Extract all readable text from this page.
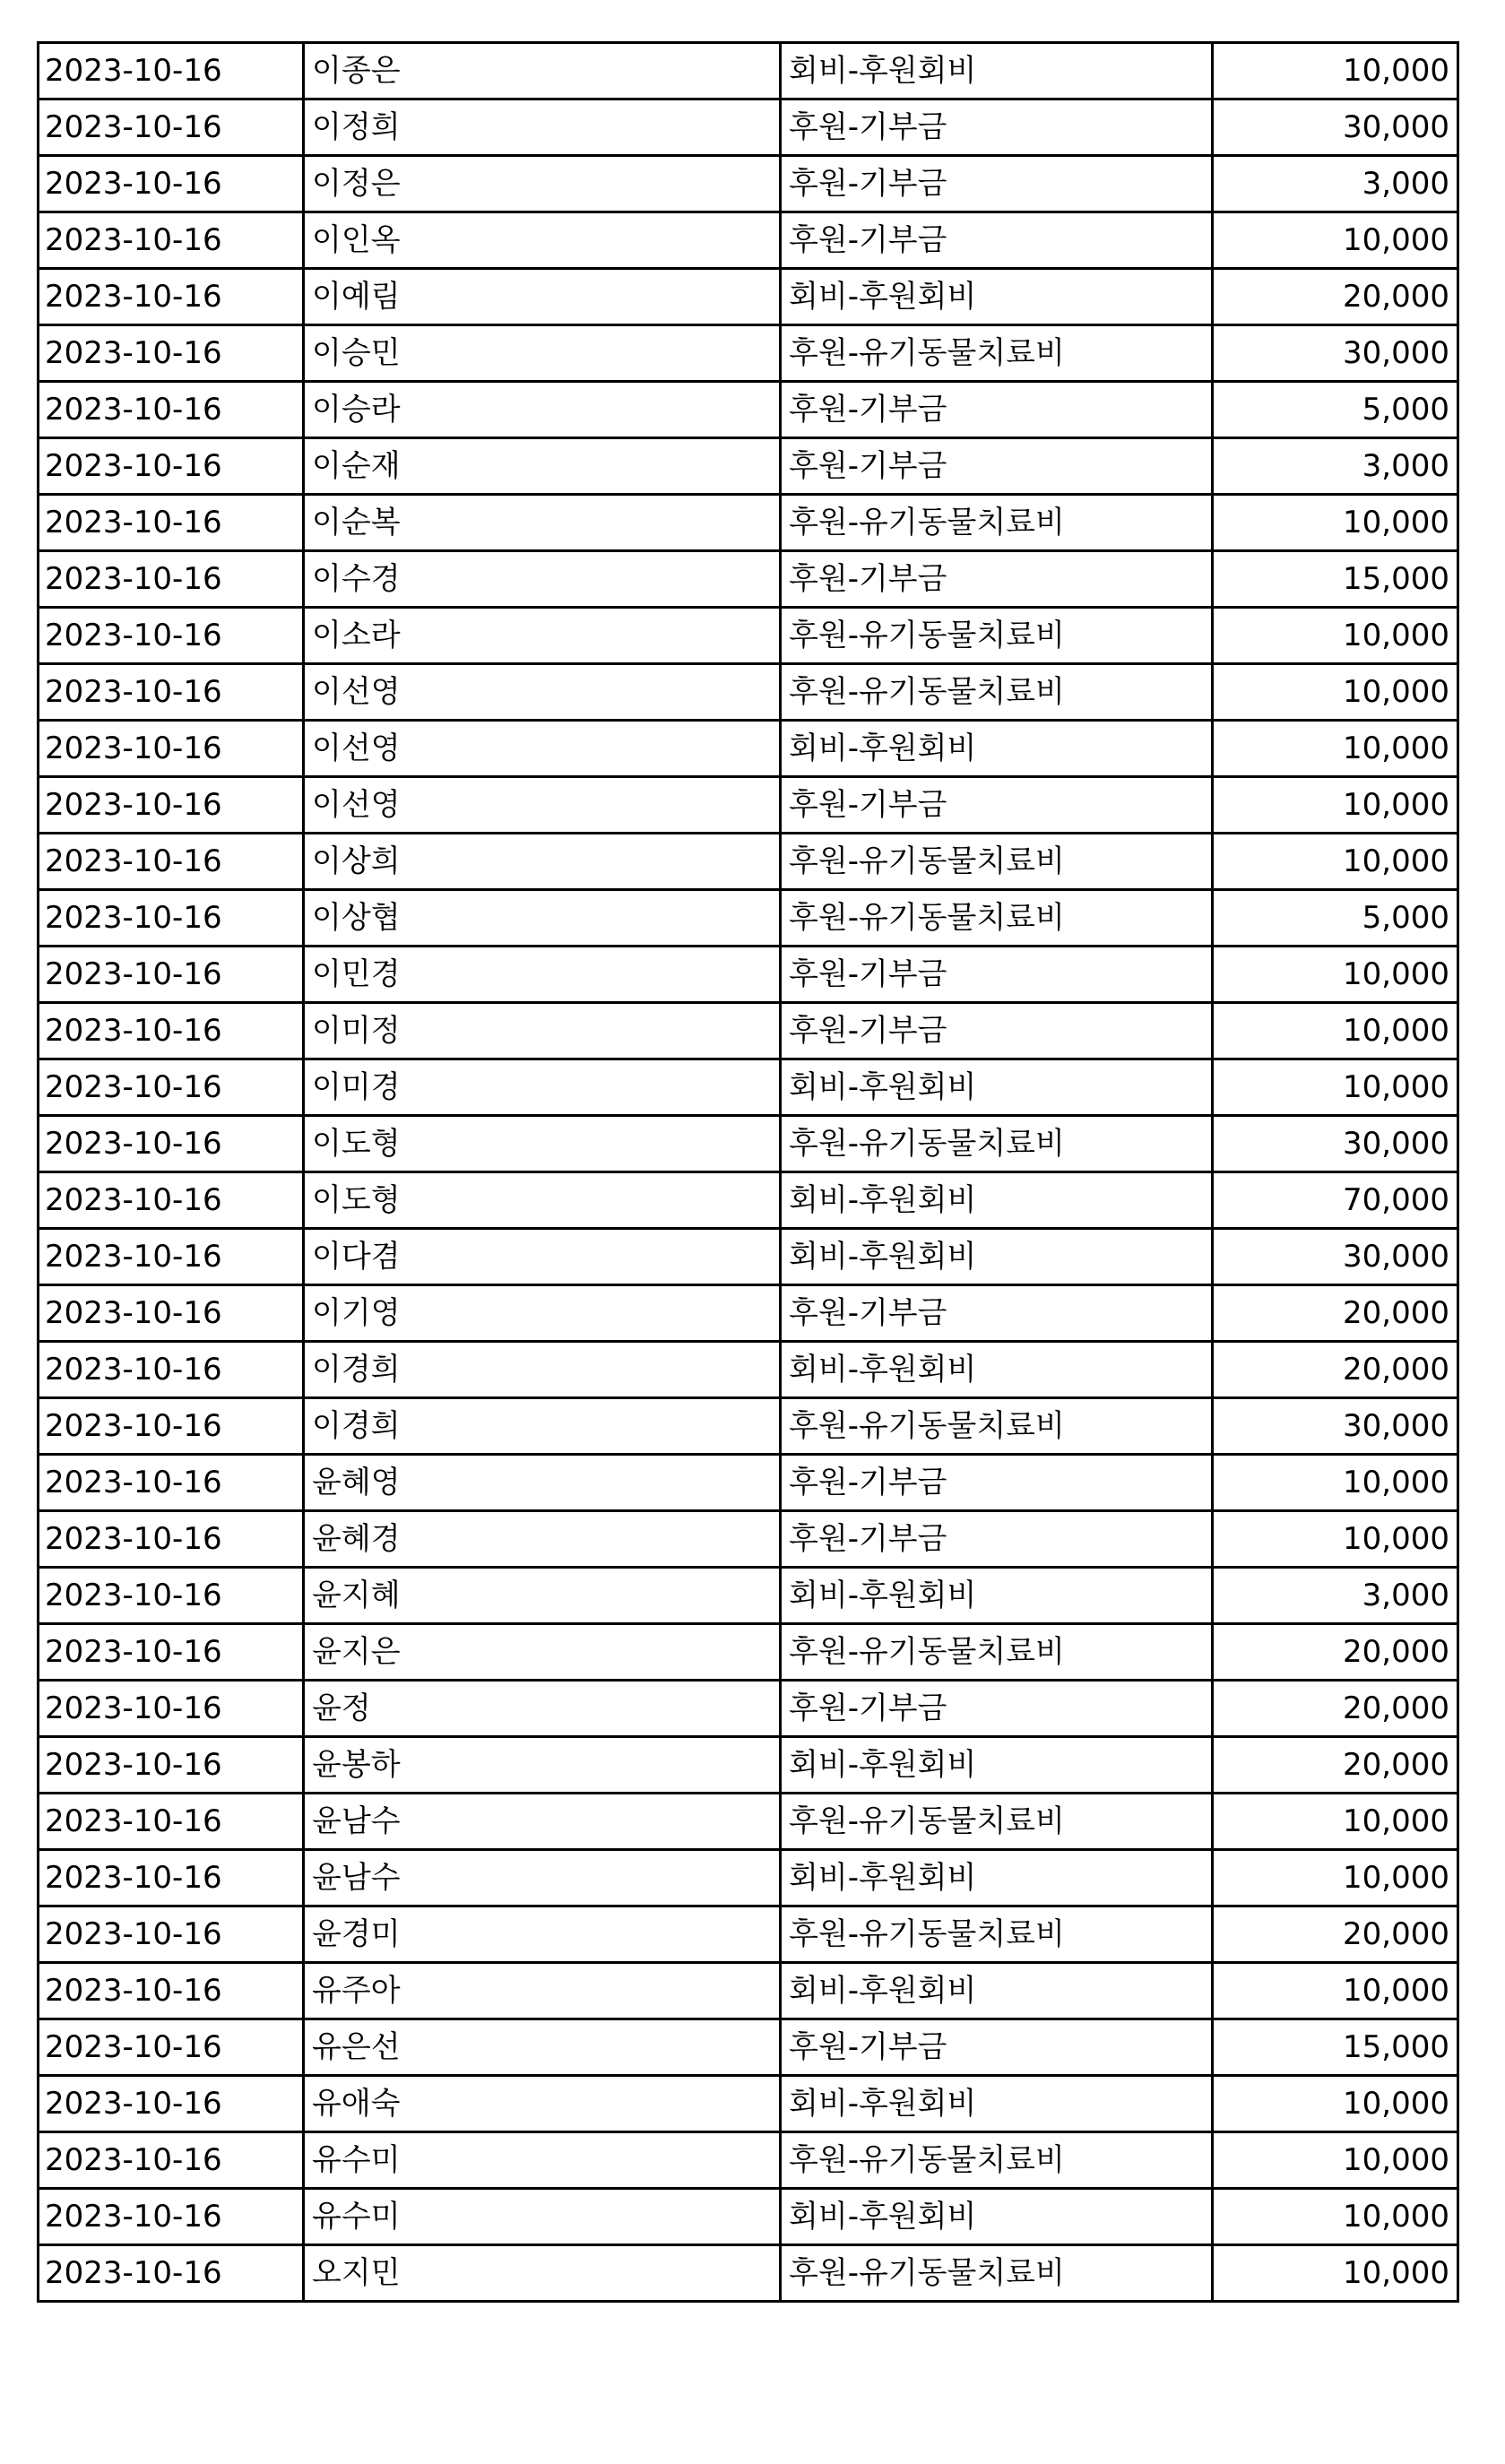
2023-10-16	이종은	회비-후원회비	10,000
2023-10-16	이정희	후원-기부금	30,000
2023-10-16	이정은	후원-기부금	3,000
2023-10-16	이인옥	후원-기부금	10,000
2023-10-16	이예림	회비-후원회비	20,000
2023-10-16	이승민	후원-유기동물치료비	30,000
2023-10-16	이승라	후원-기부금	5,000
2023-10-16	이순재	후원-기부금	3,000
2023-10-16	이순복	후원-유기동물치료비	10,000
2023-10-16	이수경	후원-기부금	15,000
2023-10-16	이소라	후원-유기동물치료비	10,000
2023-10-16	이선영	후원-유기동물치료비	10,000
2023-10-16	이선영	회비-후원회비	10,000
2023-10-16	이선영	후원-기부금	10,000
2023-10-16	이상희	후원-유기동물치료비	10,000
2023-10-16	이상협	후원-유기동물치료비	5,000
2023-10-16	이민경	후원-기부금	10,000
2023-10-16	이미정	후원-기부금	10,000
2023-10-16	이미경	회비-후원회비	10,000
2023-10-16	이도형	후원-유기동물치료비	30,000
2023-10-16	이도형	회비-후원회비	70,000
2023-10-16	이다겸	회비-후원회비	30,000
2023-10-16	이기영	후원-기부금	20,000
2023-10-16	이경희	회비-후원회비	20,000
2023-10-16	이경희	후원-유기동물치료비	30,000
2023-10-16	윤혜영	후원-기부금	10,000
2023-10-16	윤혜경	후원-기부금	10,000
2023-10-16	윤지혜	회비-후원회비	3,000
2023-10-16	윤지은	후원-유기동물치료비	20,000
2023-10-16	윤정	후원-기부금	20,000
2023-10-16	윤봉하	회비-후원회비	20,000
2023-10-16	윤남수	후원-유기동물치료비	10,000
2023-10-16	윤남수	회비-후원회비	10,000
2023-10-16	윤경미	후원-유기동물치료비	20,000
2023-10-16	유주아	회비-후원회비	10,000
2023-10-16	유은선	후원-기부금	15,000
2023-10-16	유애숙	회비-후원회비	10,000
2023-10-16	유수미	후원-유기동물치료비	10,000
2023-10-16	유수미	회비-후원회비	10,000
2023-10-16	오지민	후원-유기동물치료비	10,000
